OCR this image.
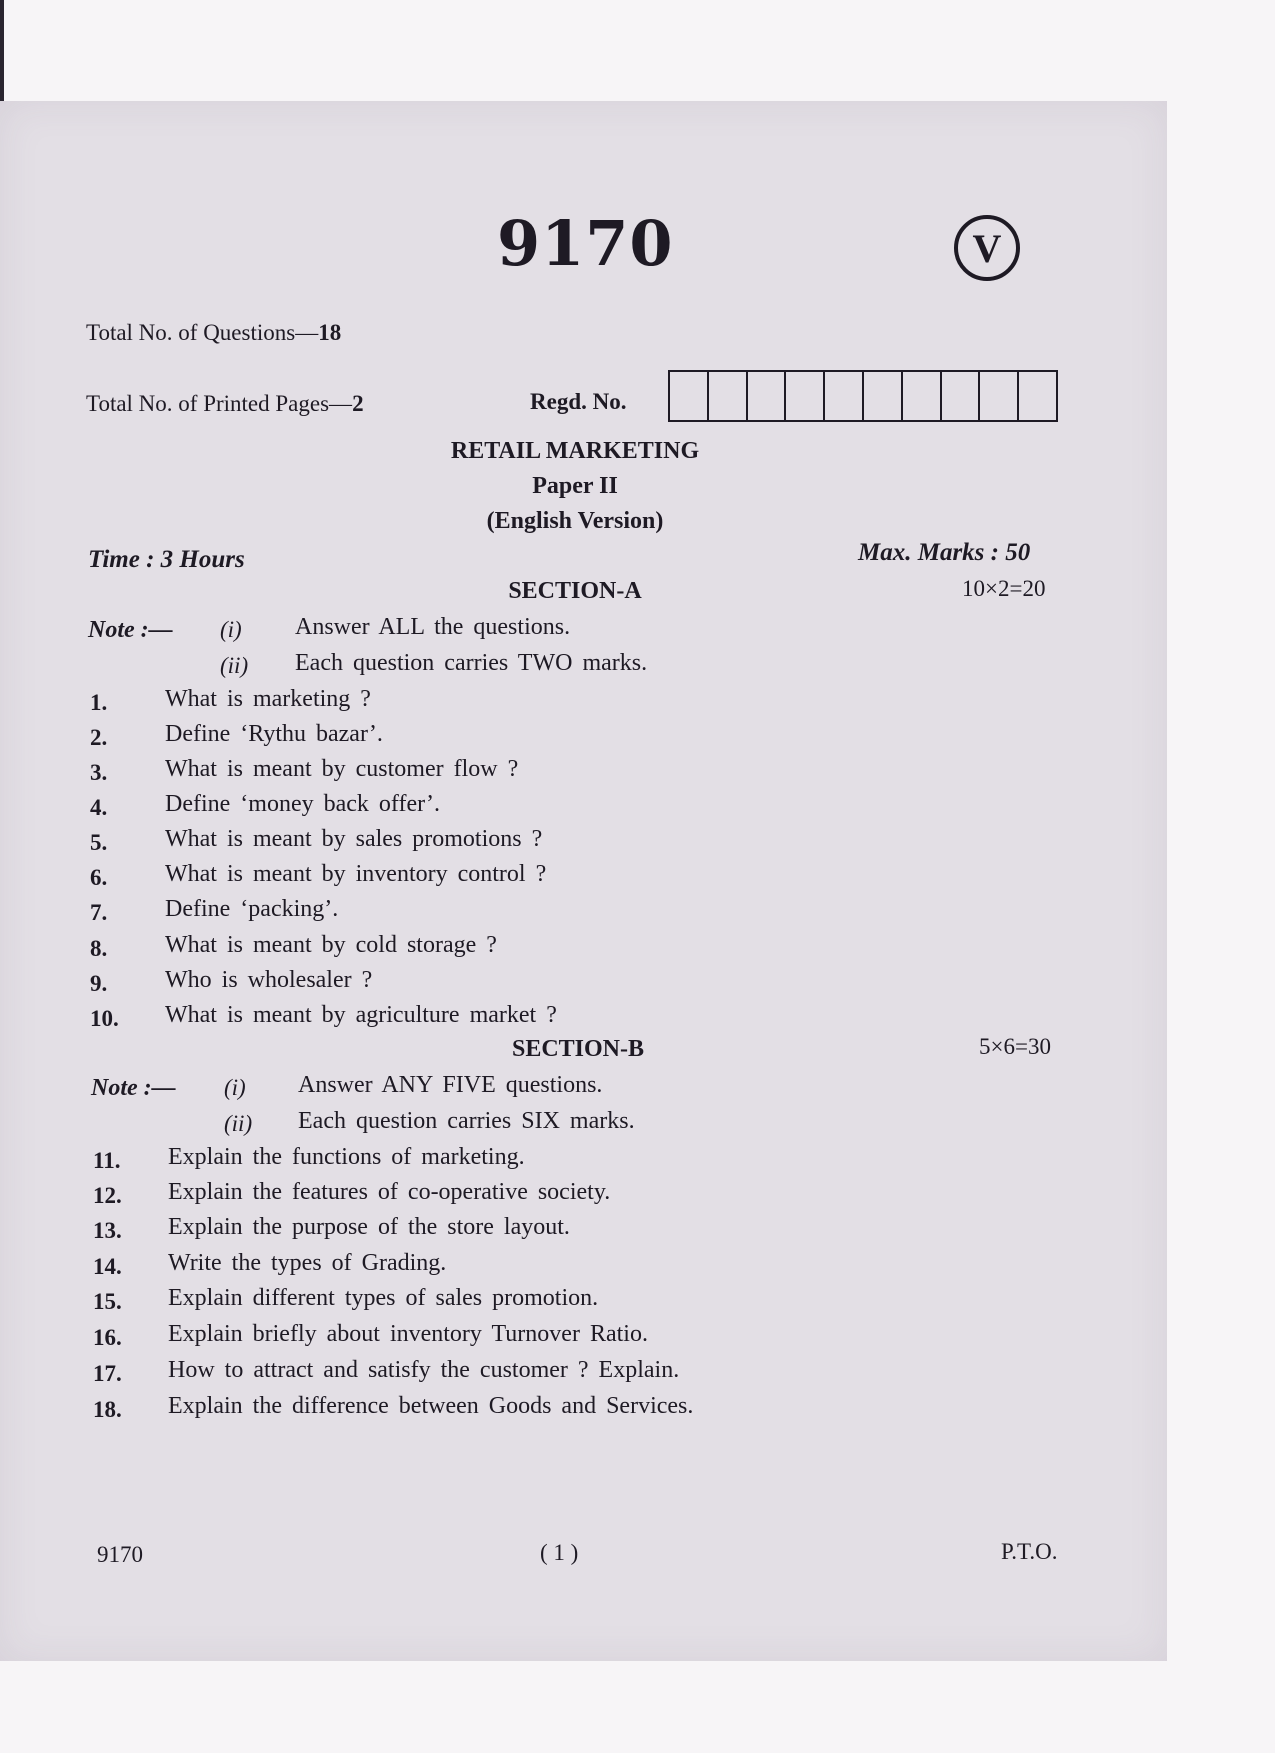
9170	V
Total No. of Questions—18
Total No. of Printed Pages—2	Regd. No.
RETAIL MARKETING
Paper II
(English Version)
Time : 3 Hours	Max. Marks : 50
SECTION-A	10×2=20
Note :— (i) Answer ALL the questions.
(ii) Each question carries TWO marks.
1. What is marketing ?
2. Define ‘Rythu bazar’.
3. What is meant by customer flow ?
4. Define ‘money back offer’.
5. What is meant by sales promotions ?
6. What is meant by inventory control ?
7. Define ‘packing’.
8. What is meant by cold storage ?
9. Who is wholesaler ?
10. What is meant by agriculture market ?
SECTION-B	5×6=30
Note :— (i) Answer ANY FIVE questions.
(ii) Each question carries SIX marks.
11. Explain the functions of marketing.
12. Explain the features of co-operative society.
13. Explain the purpose of the store layout.
14. Write the types of Grading.
15. Explain different types of sales promotion.
16. Explain briefly about inventory Turnover Ratio.
17. How to attract and satisfy the customer ? Explain.
18. Explain the difference between Goods and Services.
9170	( 1 )	P.T.O.
